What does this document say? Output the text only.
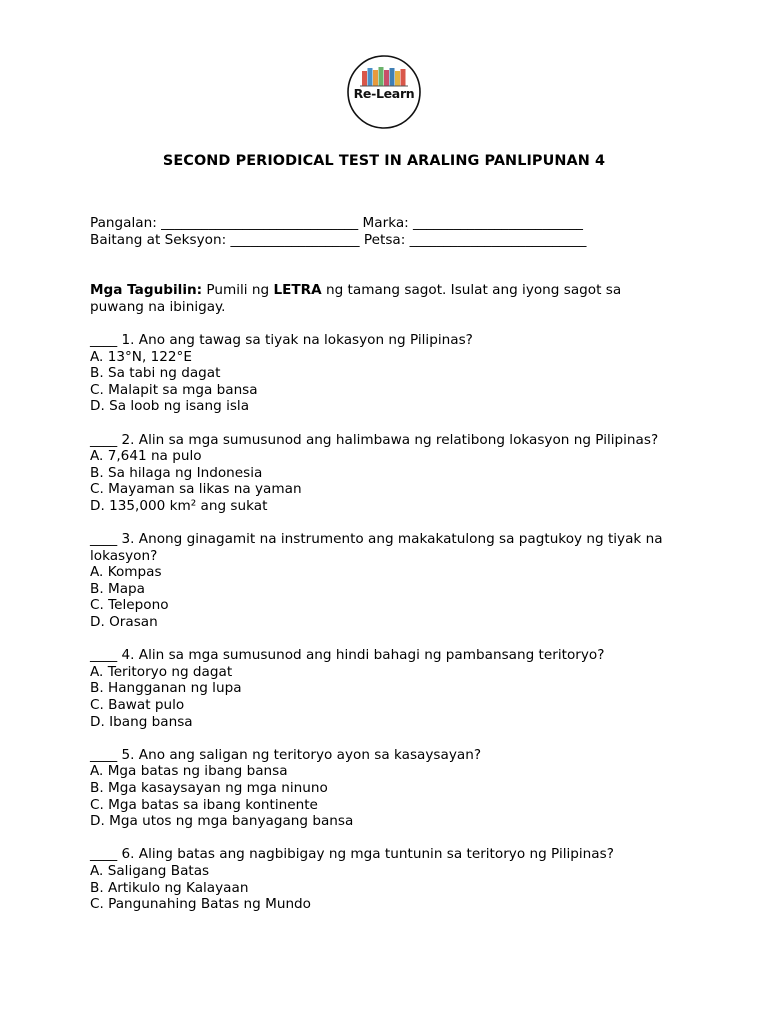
Re-Learn
SECOND PERIODICAL TEST IN ARALING PANLIPUNAN 4
Pangalan: _____________________________ Marka: _________________________
Baitang at Seksyon: ___________________ Petsa: __________________________
Mga Tagubilin: Pumili ng LETRA ng tamang sagot. Isulat ang iyong sagot sa puwang na ibinigay.
____ 1. Ano ang tawag sa tiyak na lokasyon ng Pilipinas?
A. 13°N, 122°E
B. Sa tabi ng dagat
C. Malapit sa mga bansa
D. Sa loob ng isang isla
____ 2. Alin sa mga sumusunod ang halimbawa ng relatibong lokasyon ng Pilipinas?
A. 7,641 na pulo
B. Sa hilaga ng Indonesia
C. Mayaman sa likas na yaman
D. 135,000 km² ang sukat
____ 3. Anong ginagamit na instrumento ang makakatulong sa pagtukoy ng tiyak na lokasyon?
A. Kompas
B. Mapa
C. Telepono
D. Orasan
____ 4. Alin sa mga sumusunod ang hindi bahagi ng pambansang teritoryo?
A. Teritoryo ng dagat
B. Hangganan ng lupa
C. Bawat pulo
D. Ibang bansa
____ 5. Ano ang saligan ng teritoryo ayon sa kasaysayan?
A. Mga batas ng ibang bansa
B. Mga kasaysayan ng mga ninuno
C. Mga batas sa ibang kontinente
D. Mga utos ng mga banyagang bansa
____ 6. Aling batas ang nagbibigay ng mga tuntunin sa teritoryo ng Pilipinas?
A. Saligang Batas
B. Artikulo ng Kalayaan
C. Pangunahing Batas ng Mundo
